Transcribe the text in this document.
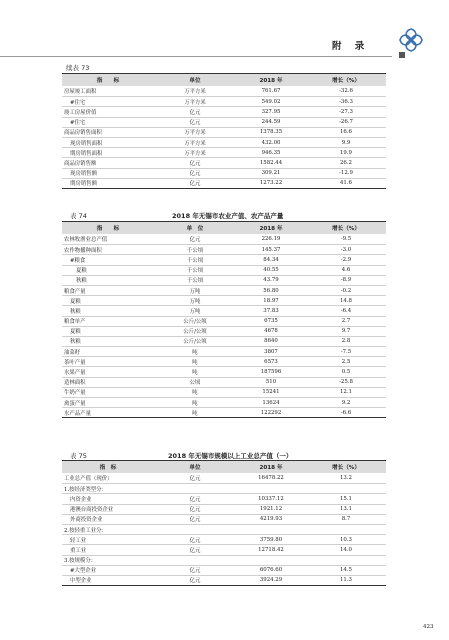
附 录
续表 73
指　　标	单位	2018 年	增长（%）
房屋竣工面积	万平方米	761.67	-32.6
#住宅	万平方米	549.02	-36.3
竣工房屋价值	亿元	327.95	-27.3
#住宅	亿元	244.59	-26.7
商品房销售面积	万平方米	1378.35	16.6
现房销售面积	万平方米	432.00	9.9
期房销售面积	万平方米	946.35	19.9
商品房销售额	亿元	1582.44	26.2
现房销售额	亿元	309.21	-12.9
期房销售额	亿元	1273.22	41.6
表 74	2018 年无锡市农业产值、农产品产量
指　　标	单　位	2018 年	增长（%）
农林牧渔业总产值	亿元	226.19	-9.5
农作物播种面积	千公顷	145.37	-3.0
#粮食	千公顷	84.34	-2.9
夏粮	千公顷	40.55	4.6
秋粮	千公顷	43.79	-8.9
粮食产量	万吨	56.80	-0.2
夏粮	万吨	18.97	14.8
秋粮	万吨	37.83	-6.4
粮食单产	公斤/公顷	6735	2.7
夏粮	公斤/公顷	4678	9.7
秋粮	公斤/公顷	8640	2.8
油菜籽	吨	3807	-7.5
茶叶产量	吨	6573	2.5
水果产量	吨	187596	0.5
造林面积	公顷	510	-25.8
牛奶产量	吨	15241	12.1
禽蛋产量	吨	13624	9.2
水产品产量	吨	122292	-6.6
表 75	2018 年无锡市规模以上工业总产值（一）
指　标	单位	2018 年	增长（%）
工业总产值（现价）	亿元	16478.22	13.2
1.按经济类型分：
内资企业	亿元	10337.12	15.1
港澳台商投资企业	亿元	1921.12	13.1
外商投资企业	亿元	4219.93	8.7
2.按轻重工业分：
轻工业	亿元	3759.80	10.3
重工业	亿元	12718.42	14.0
3.按规模分：
#大型企业	亿元	6076.60	14.5
中型企业	亿元	3924.29	11.3
423
